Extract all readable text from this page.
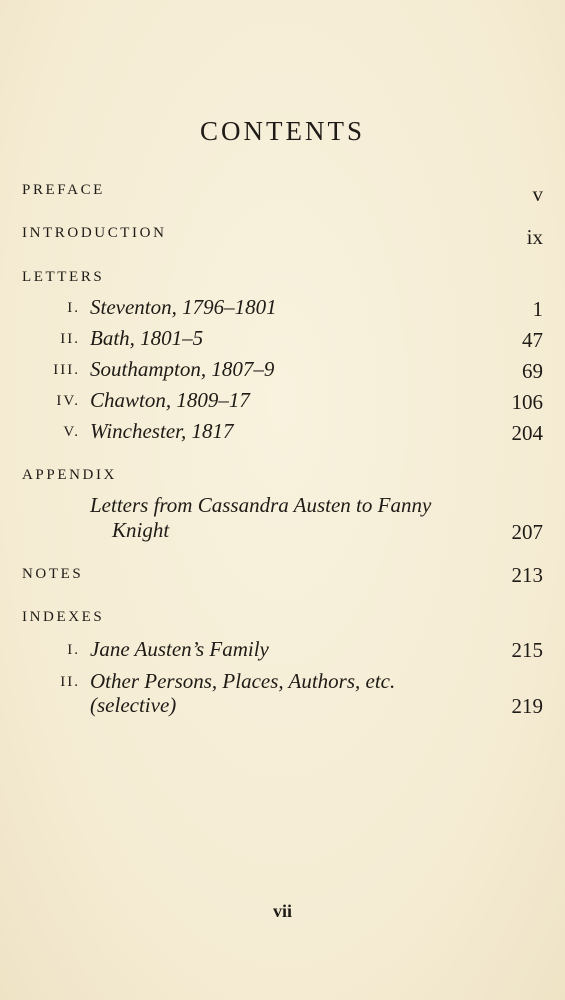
CONTENTS
PREFACE	v
INTRODUCTION	ix
LETTERS
I. Steventon, 1796–1801	1
II. Bath, 1801–5	47
III. Southampton, 1807–9	69
IV. Chawton, 1809–17	106
V. Winchester, 1817	204
APPENDIX
Letters from Cassandra Austen to Fanny
Knight	207
NOTES	213
INDEXES
I. Jane Austen’s Family	215
II. Other Persons, Places, Authors, etc.
(selective)	219
vii
